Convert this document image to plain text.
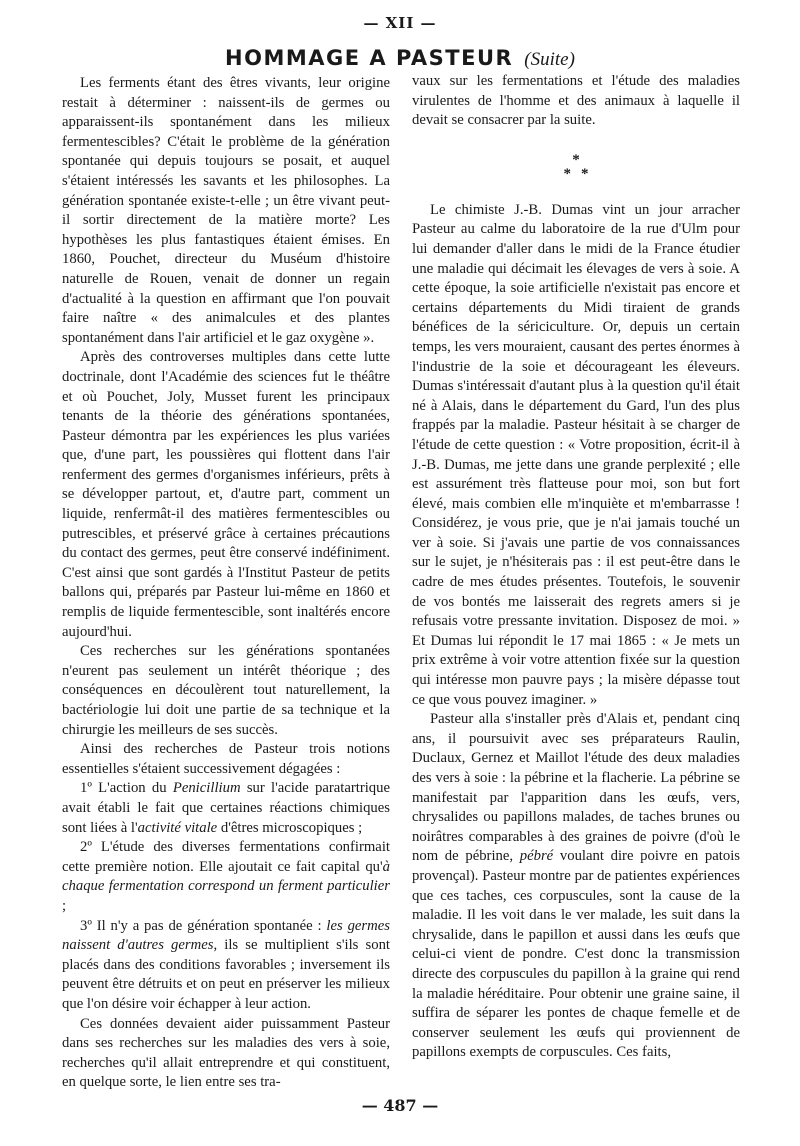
— XII —
HOMMAGE A PASTEUR (Suite)

Les ferments étant des êtres vivants, leur origine restait à déterminer : naissent-ils de germes ou apparaissent-ils spontanément dans les milieux fermentescibles? C'était le problème de la génération spontanée qui depuis toujours se posait, et auquel s'étaient intéressés les savants et les philosophes. La génération spontanée existe-t-elle ; un être vivant peut-il sortir directement de la matière morte? Les hypothèses les plus fantastiques étaient émises. En 1860, Pouchet, directeur du Muséum d'histoire naturelle de Rouen, venait de donner un regain d'actualité à la question en affirmant que l'on pouvait faire naître « des animalcules et des plantes spontanément dans l'air artificiel et le gaz oxygène ».

Après des controverses multiples dans cette lutte doctrinale, dont l'Académie des sciences fut le théâtre et où Pouchet, Joly, Musset furent les principaux tenants de la théorie des générations spontanées, Pasteur démontra par les expériences les plus variées que, d'une part, les poussières qui flottent dans l'air renferment des germes d'organismes inférieurs, prêts à se développer partout, et, d'autre part, comment un liquide, renfermât-il des matières fermentescibles ou putrescibles, et préservé grâce à certaines précautions du contact des germes, peut être conservé indéfiniment. C'est ainsi que sont gardés à l'Institut Pasteur de petits ballons qui, préparés par Pasteur lui-même en 1860 et remplis de liquide fermentescible, sont inaltérés encore aujourd'hui.

Ces recherches sur les générations spontanées n'eurent pas seulement un intérêt théorique ; des conséquences en découlèrent tout naturellement, la bactériologie lui doit une partie de sa technique et la chirurgie les meilleurs de ses succès.

Ainsi des recherches de Pasteur trois notions essentielles s'étaient successivement dégagées :

1º L'action du Penicillium sur l'acide paratartrique avait établi le fait que certaines réactions chimiques sont liées à l'activité vitale d'êtres microscopiques ;

2º L'étude des diverses fermentations confirmait cette première notion. Elle ajoutait ce fait capital qu'à chaque fermentation correspond un ferment particulier ;

3º Il n'y a pas de génération spontanée : les germes naissent d'autres germes, ils se multiplient s'ils sont placés dans des conditions favorables ; inversement ils peuvent être détruits et on peut en préserver les milieux que l'on désire voir échapper à leur action.

Ces données devaient aider puissamment Pasteur dans ses recherches sur les maladies des vers à soie, recherches qu'il allait entreprendre et qui constituent, en quelque sorte, le lien entre ses tra-

vaux sur les fermentations et l'étude des maladies virulentes de l'homme et des animaux à laquelle il devait se consacrer par la suite.

*
**

Le chimiste J.-B. Dumas vint un jour arracher Pasteur au calme du laboratoire de la rue d'Ulm pour lui demander d'aller dans le midi de la France étudier une maladie qui décimait les élevages de vers à soie. A cette époque, la soie artificielle n'existait pas encore et certains départements du Midi tiraient de grands bénéfices de la sériciculture. Or, depuis un certain temps, les vers mouraient, causant des pertes énormes à l'industrie de la soie et décourageant les éleveurs. Dumas s'intéressait d'autant plus à la question qu'il était né à Alais, dans le département du Gard, l'un des plus frappés par la maladie. Pasteur hésitait à se charger de l'étude de cette question : « Votre proposition, écrit-il à J.-B. Dumas, me jette dans une grande perplexité ; elle est assurément très flatteuse pour moi, son but fort élevé, mais combien elle m'inquiète et m'embarrasse ! Considérez, je vous prie, que je n'ai jamais touché un ver à soie. Si j'avais une partie de vos connaissances sur le sujet, je n'hésiterais pas : il est peut-être dans le cadre de mes études présentes. Toutefois, le souvenir de vos bontés me laisserait des regrets amers si je refusais votre pressante invitation. Disposez de moi. » Et Dumas lui répondit le 17 mai 1865 : « Je mets un prix extrême à voir votre attention fixée sur la question qui intéresse mon pauvre pays ; la misère dépasse tout ce que vous pouvez imaginer. »

Pasteur alla s'installer près d'Alais et, pendant cinq ans, il poursuivit avec ses préparateurs Raulin, Duclaux, Gernez et Maillot l'étude des deux maladies des vers à soie : la pébrine et la flacherie. La pébrine se manifestait par l'apparition dans les œufs, vers, chrysalides ou papillons malades, de taches brunes ou noirâtres comparables à des graines de poivre (d'où le nom de pébrine, pébré voulant dire poivre en patois provençal). Pasteur montre par de patientes expériences que ces taches, ces corpuscules, sont la cause de la maladie. Il les voit dans le ver malade, les suit dans la chrysalide, dans le papillon et aussi dans les œufs que celui-ci vient de pondre. C'est donc la transmission directe des corpuscules du papillon à la graine qui rend la maladie héréditaire. Pour obtenir une graine saine, il suffira de séparer les pontes de chaque femelle et de conserver seulement les œufs qui proviennent de papillons exempts de corpuscules. Ces faits,

— 487 —
